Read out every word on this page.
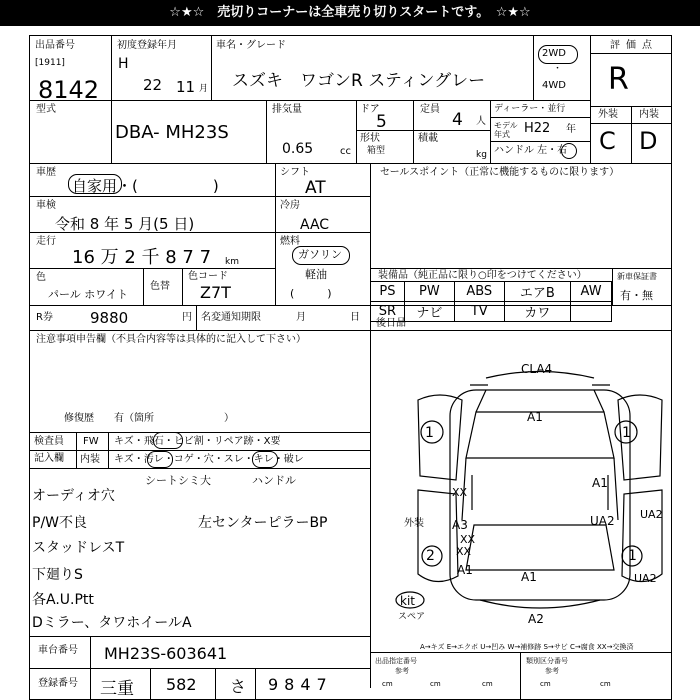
☆★☆　売切りコーナーは全車売り切りスタートです。　☆★☆
出品番号
[1911]
8142
初度登録年月
H
22 11 月
車名・グレード
スズキ　ワゴンR スティングレー
2WD
・
4WD
評価点
R
型式
DBA- MH23S
排気量
0.65	cc
ドア
5
形状
箱型
定員
4 人
積載
kg
ディーラー・並行
モデル年式	H22 年
ハンドル 左・右
外装 内装
C D
車歴
自家用・(　　　　　)
シフト
AT
セールスポイント（正常に機能するものに限ります）
車検
令和 8 年 5 月(5 日)
冷房
AAC
走行
16 万 2 千 8 7 7 km
燃料
ガソリン
軽油
(　　　)
色
パール ホワイト
色替
色コード
Z7T
装備品（純正品に限り○印をつけてください）	新車保証書
有・無
PS	PW	ABS	エアB	AW
SR	ナビ	TV	カワ	
R券 9880	円 名変通知期限	月	日
後日品
注意事項申告欄（不具合内容等は具体的に記入して下さい）
修復歴　　有（箇所　　　　　　　）
検査員
記入欄
FW キズ・飛石・ヒビ割・リペア跡・X要
内装 キズ・汚レ・コゲ・穴・スレ・キレ・破レ
シートシミ大	ハンドル
オーディオ穴
P/W不良	左センターピラーBP
スタッドレスT
下廻りS
各A.U.Ptt
Dミラー、タワホイールA
車台番号 MH23S-603641
登録番号 三重 582 さ 9847
CLA4
A1
1	1
A1
XX
外装 A3	UA2 UA2
XX
XX
2	1
A1	A1	UA2
kit
スペア	A2
A→キズ E→エクボ U→凹み W→補修跡 S→サビ C→腐食 XX→交換済
出品指定番号
参考
cm	cm	cm
類別区分番号
参考
cm	cm
